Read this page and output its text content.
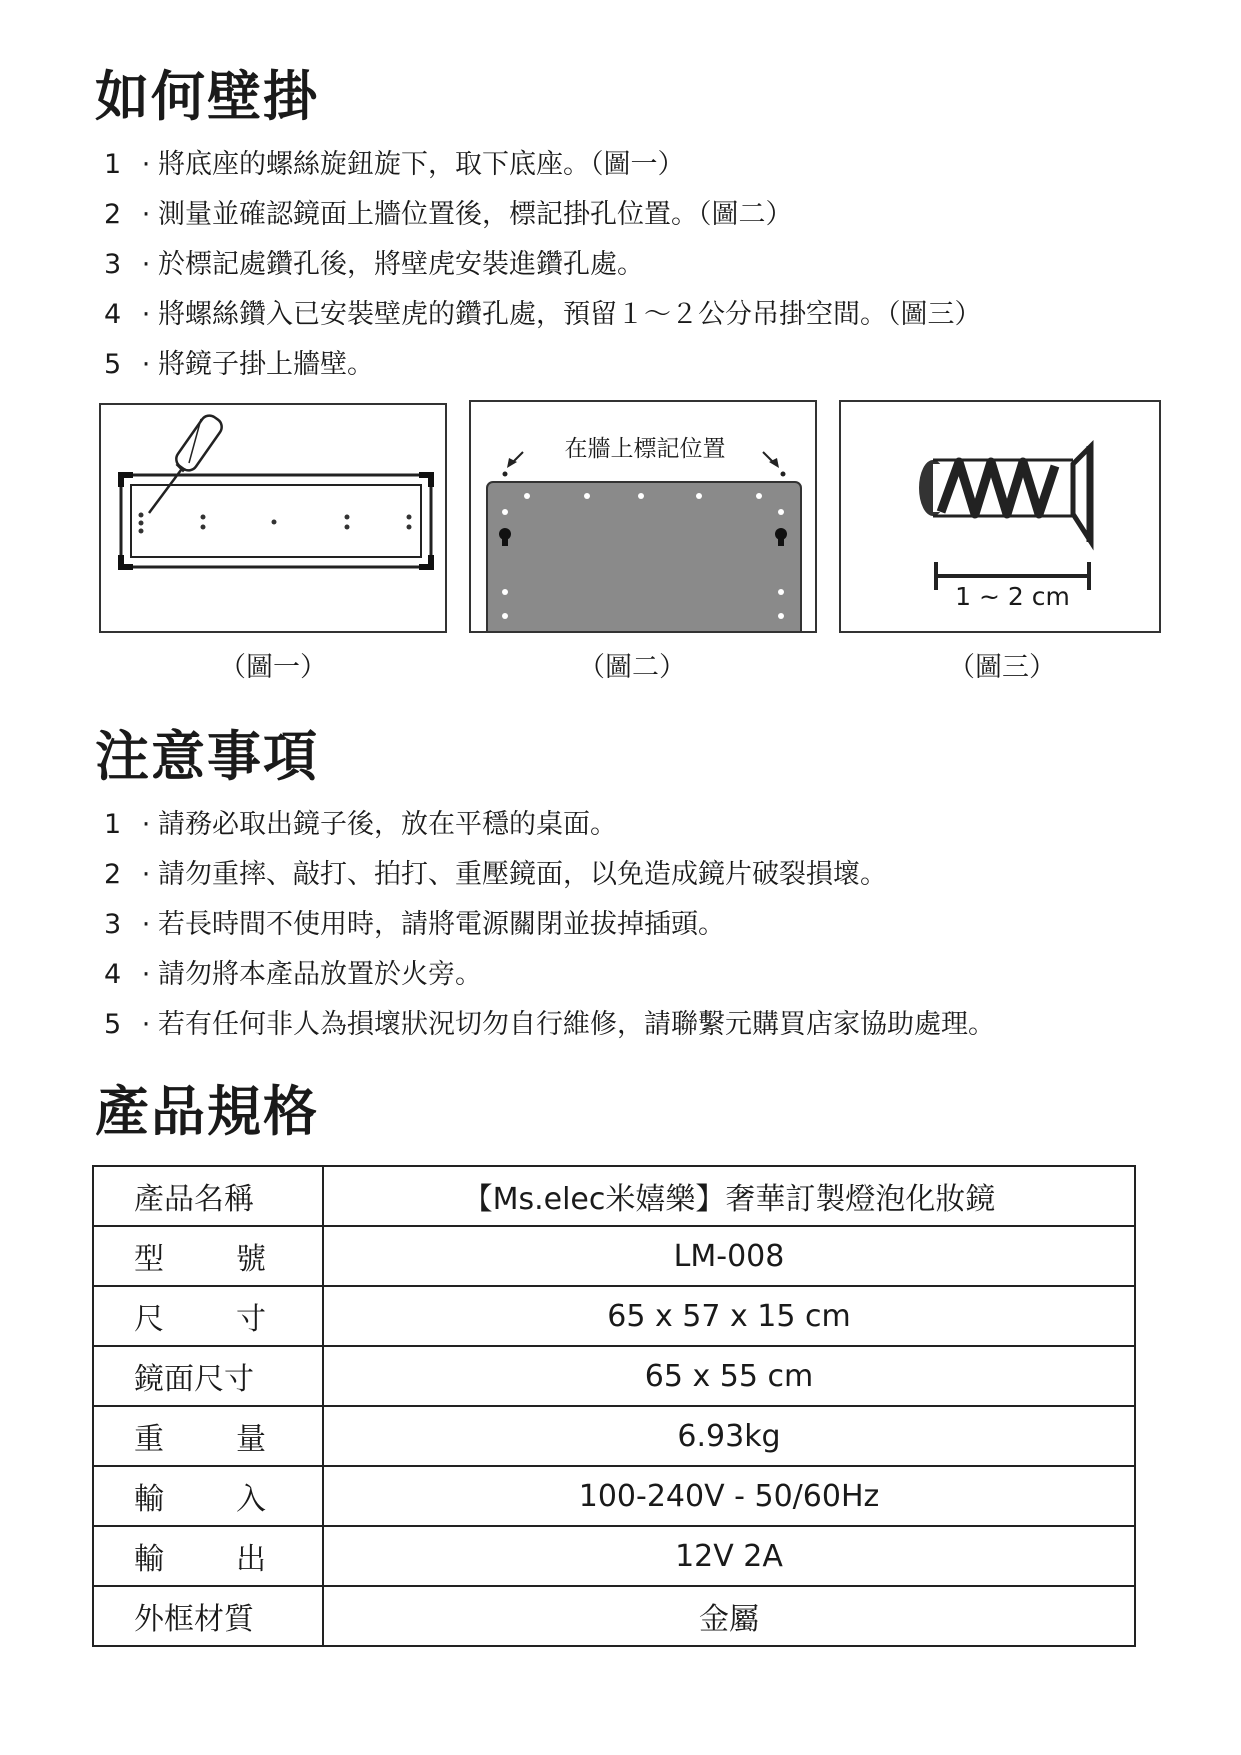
如何壁掛
1 · 將底座的螺絲旋鈕旋下，取下底座。（圖一）
2 · 測量並確認鏡面上牆位置後，標記掛孔位置。（圖二）
3 · 於標記處鑽孔後，將壁虎安裝進鑽孔處。
4 · 將螺絲鑽入已安裝壁虎的鑽孔處，預留１～２公分吊掛空間。（圖三）
5 · 將鏡子掛上牆壁。
（圖一）
在牆上標記位置
（圖二）
1 ~ 2 cm
（圖三）
注意事項
1 · 請務必取出鏡子後，放在平穩的桌面。
2 · 請勿重摔、敲打、拍打、重壓鏡面，以免造成鏡片破裂損壞。
3 · 若長時間不使用時，請將電源關閉並拔掉插頭。
4 · 請勿將本產品放置於火旁。
5 · 若有任何非人為損壞狀況切勿自行維修，請聯繫元購買店家協助處理。
產品規格
產品名稱	【Ms.elec米嬉樂】奢華訂製燈泡化妝鏡

型 號	LM-008

尺 寸	65 x 57 x 15 cm
鏡面尺寸	65 x 55 cm

重 量	6.93kg

輸 入	100-240V - 50/60Hz

輸 出	12V 2A
外框材質	金屬
